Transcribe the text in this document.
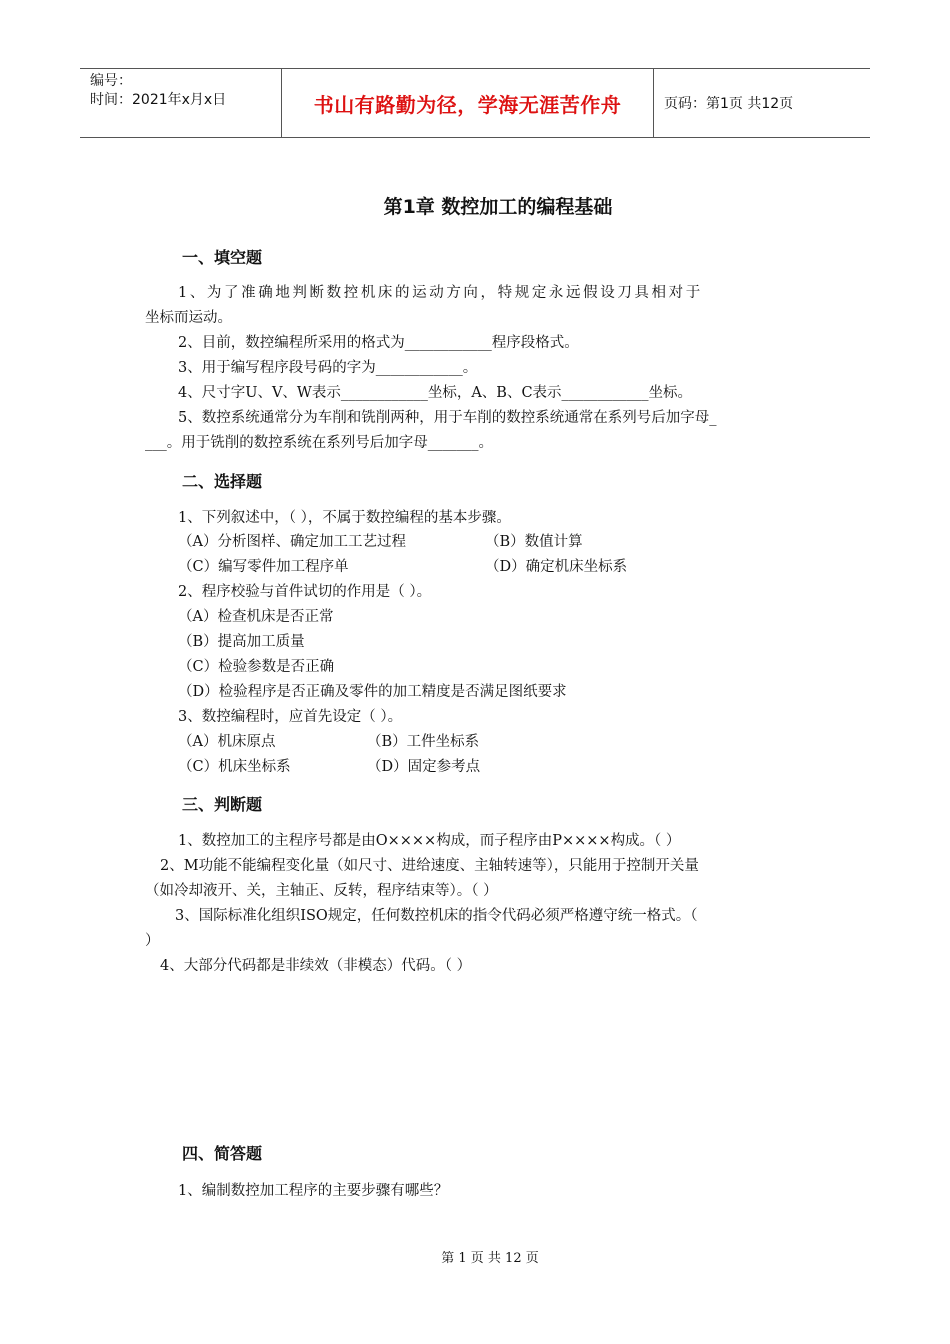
编号：
时间：2021年x月x日	书山有路勤为径，学海无涯苦作舟	页码：第1页 共12页
第1章 数控加工的编程基础
一、填空题
1、为了准确地判断数控机床的运动方向，特规定永远假设刀具相对于
坐标而运动。
2、目前，数控编程所采用的格式为____________程序段格式。
3、用于编写程序段号码的字为____________。
4、尺寸字U、V、W表示____________坐标，A、B、C表示____________坐标。
5、数控系统通常分为车削和铣削两种，用于车削的数控系统通常在系列号后加字母_
___。用于铣削的数控系统在系列号后加字母_______。
二、选择题
1、下列叙述中，（ ），不属于数控编程的基本步骤。
（A）分析图样、确定加工工艺过程	（B）数值计算
（C）编写零件加工程序单	（D）确定机床坐标系
2、程序校验与首件试切的作用是（ ）。
（A）检查机床是否正常
（B）提高加工质量
（C）检验参数是否正确
（D）检验程序是否正确及零件的加工精度是否满足图纸要求
3、数控编程时，应首先设定（ ）。
（A）机床原点	（B）工件坐标系
（C）机床坐标系	（D）固定参考点
三、判断题
1、数控加工的主程序号都是由O××××构成，而子程序由P××××构成。（ ）
2、M功能不能编程变化量（如尺寸、进给速度、主轴转速等），只能用于控制开关量
（如冷却液开、关，主轴正、反转，程序结束等）。（ ）
3、国际标准化组织ISO规定，任何数控机床的指令代码必须严格遵守统一格式。（
）
4、大部分代码都是非续效（非模态）代码。（ ）
四、简答题
1、编制数控加工程序的主要步骤有哪些？
第 1 页 共 12 页
